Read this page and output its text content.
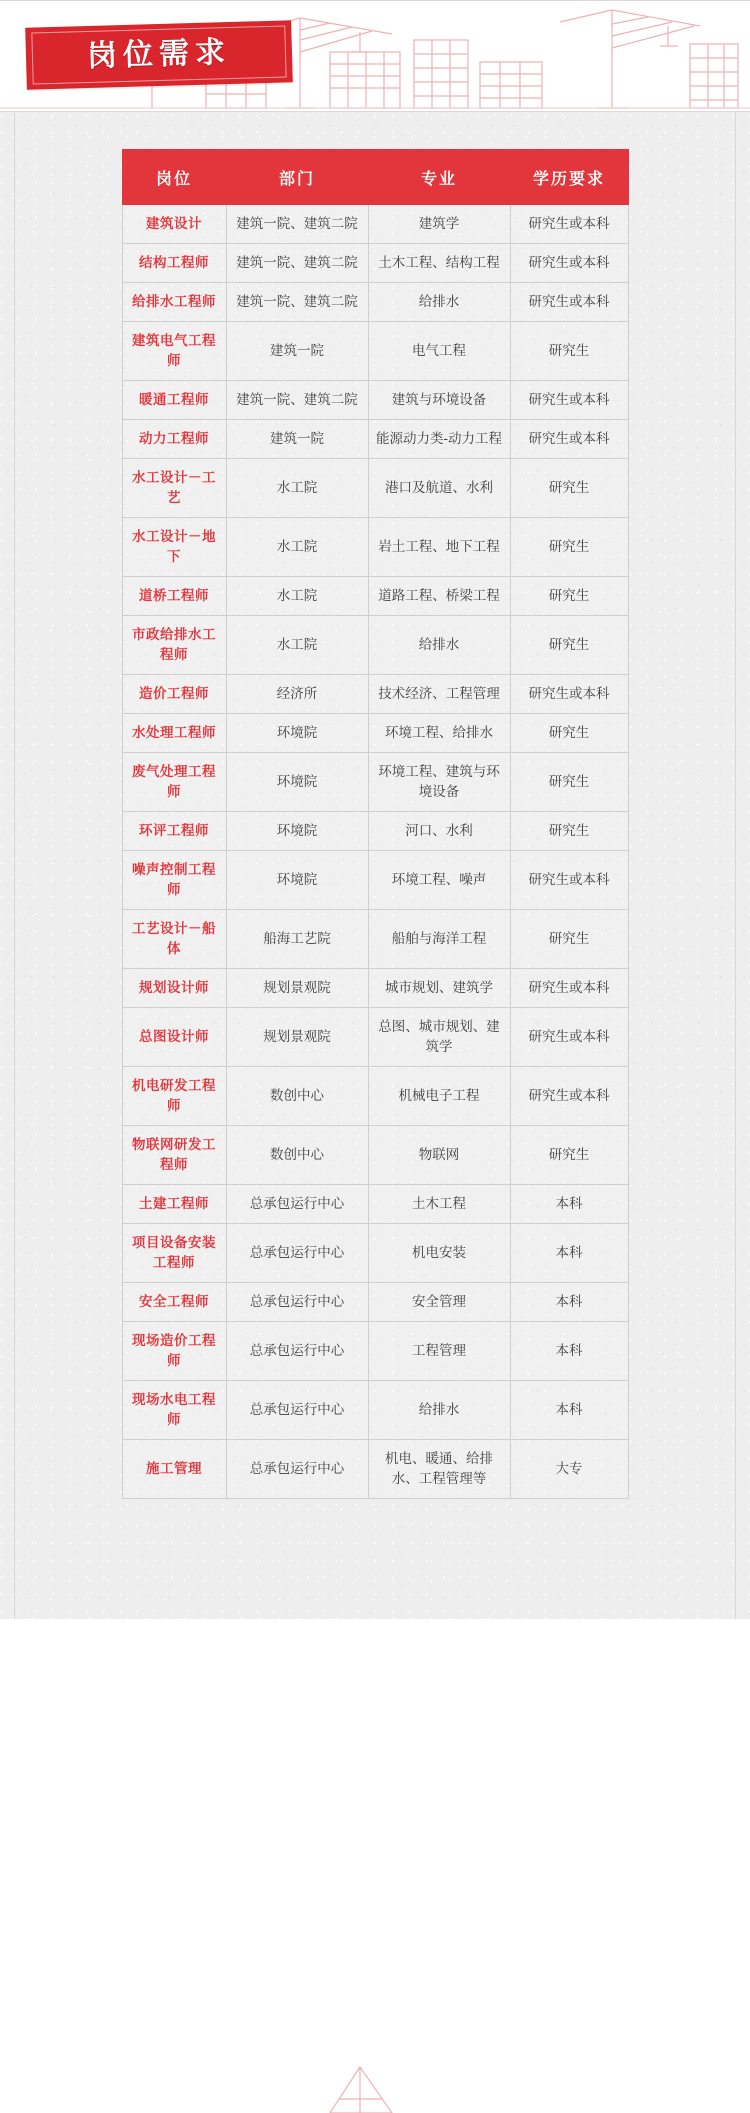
岗位需求
岗位	部门	专业	学历要求
建筑设计	建筑一院、建筑二院	建筑学	研究生或本科
结构工程师	建筑一院、建筑二院	土木工程、结构工程	研究生或本科
给排水工程师	建筑一院、建筑二院	给排水	研究生或本科
建筑电气工程师	建筑一院	电气工程	研究生
暖通工程师	建筑一院、建筑二院	建筑与环境设备	研究生或本科
动力工程师	建筑一院	能源动力类-动力工程	研究生或本科
水工设计－工艺	水工院	港口及航道、水利	研究生
水工设计－地下	水工院	岩土工程、地下工程	研究生
道桥工程师	水工院	道路工程、桥梁工程	研究生
市政给排水工程师	水工院	给排水	研究生
造价工程师	经济所	技术经济、工程管理	研究生或本科
水处理工程师	环境院	环境工程、给排水	研究生
废气处理工程师	环境院	环境工程、建筑与环境设备	研究生
环评工程师	环境院	河口、水利	研究生
噪声控制工程师	环境院	环境工程、噪声	研究生或本科
工艺设计－船体	船海工艺院	船舶与海洋工程	研究生
规划设计师	规划景观院	城市规划、建筑学	研究生或本科
总图设计师	规划景观院	总图、城市规划、建筑学	研究生或本科
机电研发工程师	数创中心	机械电子工程	研究生或本科
物联网研发工程师	数创中心	物联网	研究生
土建工程师	总承包运行中心	土木工程	本科
项目设备安装工程师	总承包运行中心	机电安装	本科
安全工程师	总承包运行中心	安全管理	本科
现场造价工程师	总承包运行中心	工程管理	本科
现场水电工程师	总承包运行中心	给排水	本科
施工管理	总承包运行中心	机电、暖通、给排水、工程管理等	大专
